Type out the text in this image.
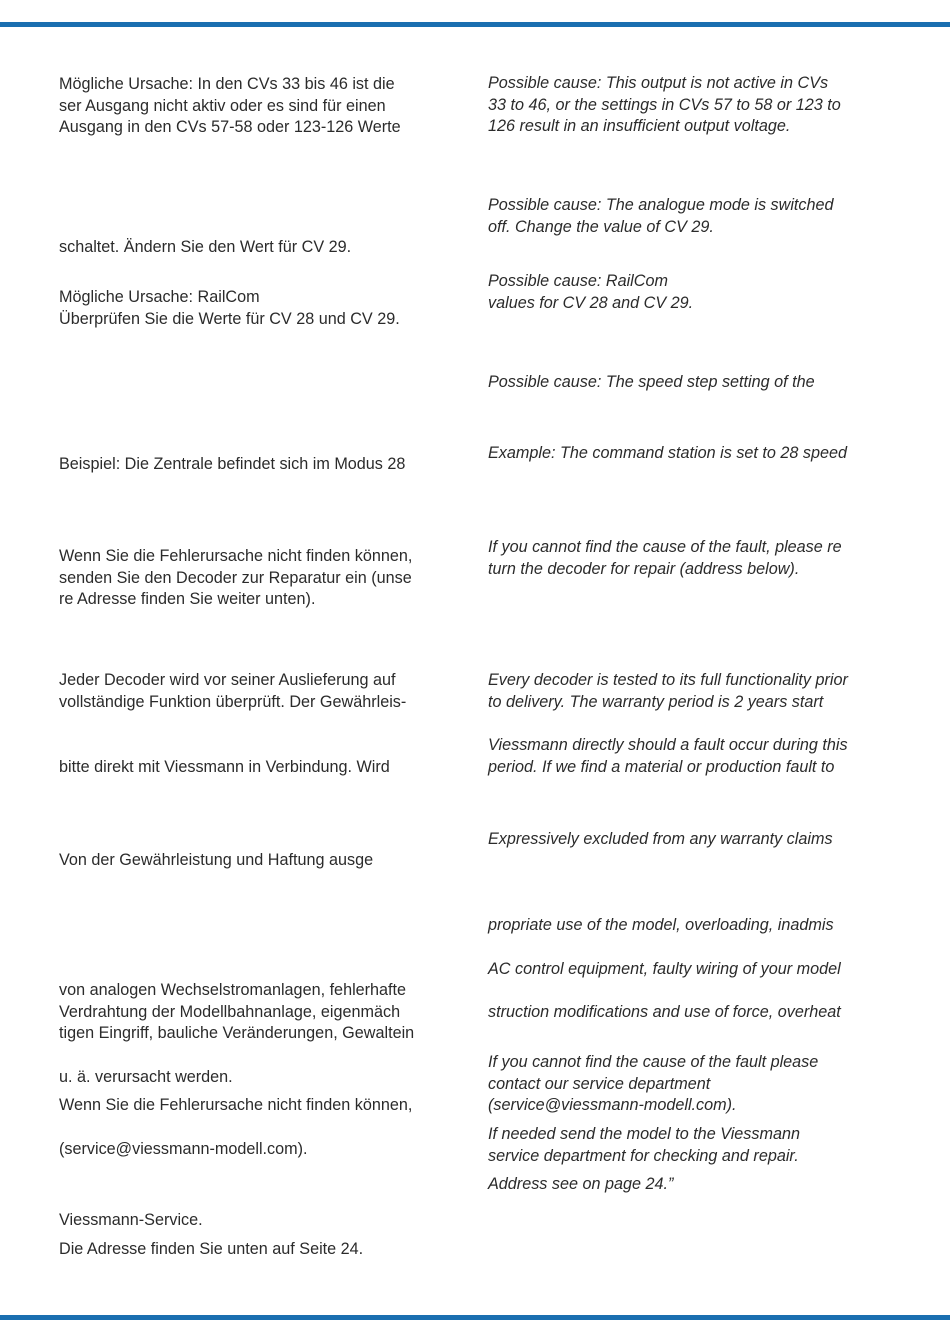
Mögliche Ursache: In den CVs 33 bis 46 ist die
ser Ausgang nicht aktiv oder es sind für einen
Ausgang in den CVs 57-58 oder 123-126 Werte
schaltet. Ändern Sie den Wert für CV 29.
Mögliche Ursache: RailCom
Überprüfen Sie die Werte für CV 28 und CV 29.
Beispiel: Die Zentrale befindet sich im Modus 28
Wenn Sie die Fehlerursache nicht finden können,
senden Sie den Decoder zur Reparatur ein (unse
re Adresse finden Sie weiter unten).
Jeder Decoder wird vor seiner Auslieferung auf
vollständige Funktion überprüft. Der Gewährleis-
bitte direkt mit Viessmann in Verbindung. Wird
Von der Gewährleistung und Haftung ausge
von analogen Wechselstromanlagen, fehlerhafte
Verdrahtung der Modellbahnanlage, eigenmäch
tigen Eingriff, bauliche Veränderungen, Gewaltein
u. ä. verursacht werden.
Wenn Sie die Fehlerursache nicht finden können,
(service@viessmann-modell.com).
Viessmann-Service.
Die Adresse finden Sie unten auf Seite 24.
Possible cause: This output is not active in CVs
33 to 46, or the settings in CVs 57 to 58 or 123 to
126 result in an insufficient output voltage.
Possible cause: The analogue mode is switched
off. Change the value of CV 29.
Possible cause: RailCom
values for CV 28 and CV 29.
Possible cause: The speed step setting of the
Example: The command station is set to 28 speed
If you cannot find the cause of the fault, please re
turn the decoder for repair (address below).
Every decoder is tested to its full functionality prior
to delivery. The warranty period is 2 years start
Viessmann directly should a fault occur during this
period. If we find a material or production fault to
Expressively excluded from any warranty claims
propriate use of the model, overloading, inadmis
AC control equipment, faulty wiring of your model
struction modifications and use of force, overheat
If you cannot find the cause of the fault please
contact our service department
(service@viessmann-modell.com).
If needed send the model to the Viessmann
service department for checking and repair.
Address see on page 24.”
